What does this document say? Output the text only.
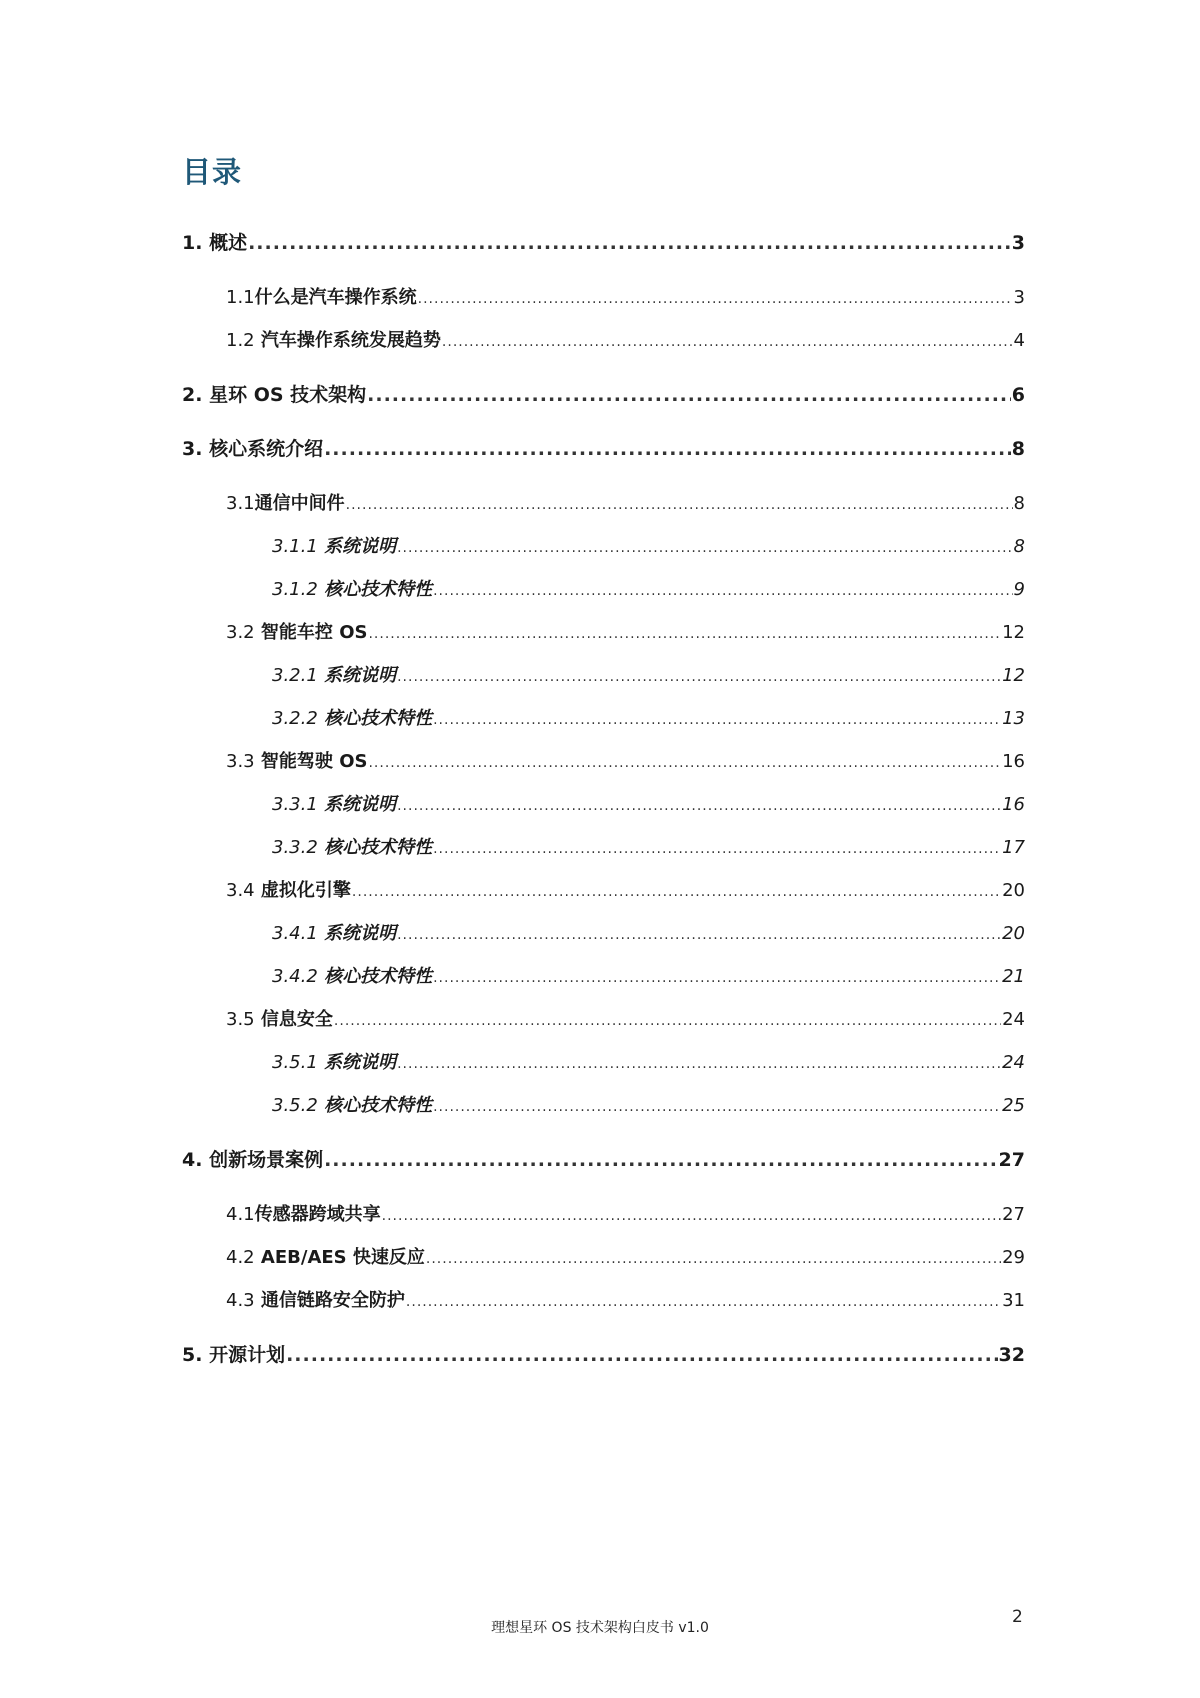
目录
1. 概述 .....	3
1.1什么是汽车操作系统 .....	3
1.2 汽车操作系统发展趋势 .....	4
2. 星环 OS 技术架构 .....	6
3. 核心系统介绍 .....	8
3.1通信中间件 .....	8
3.1.1 系统说明 .....	8
3.1.2 核心技术特性 .....	9
3.2 智能车控 OS .....	12
3.2.1 系统说明 .....	12
3.2.2 核心技术特性 .....	13
3.3 智能驾驶 OS .....	16
3.3.1 系统说明 .....	16
3.3.2 核心技术特性 .....	17
3.4 虚拟化引擎 .....	20
3.4.1 系统说明 .....	20
3.4.2 核心技术特性 .....	21
3.5 信息安全 .....	24
3.5.1 系统说明 .....	24
3.5.2 核心技术特性 .....	25
4. 创新场景案例 .....	27
4.1传感器跨域共享 .....	27
4.2 AEB/AES 快速反应 .....	29
4.3 通信链路安全防护 .....	31
5. 开源计划 .....	32
理想星环 OS 技术架构白皮书 v1.0
2
